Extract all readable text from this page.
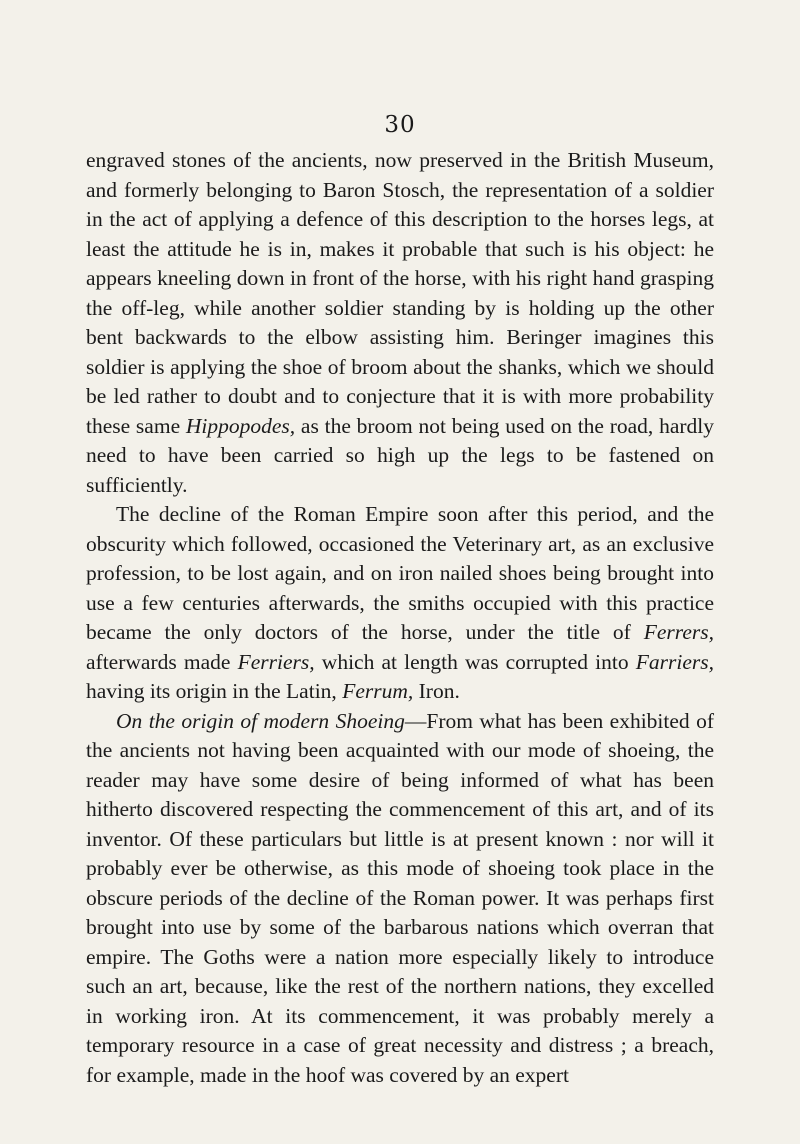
30

engraved stones of the ancients, now preserved in the British Museum, and formerly belonging to Baron Stosch, the representation of a soldier in the act of applying a defence of this description to the horses legs, at least the attitude he is in, makes it probable that such is his object: he appears kneeling down in front of the horse, with his right hand grasping the off-leg, while another soldier standing by is holding up the other bent backwards to the elbow assisting him. Beringer imagines this soldier is applying the shoe of broom about the shanks, which we should be led rather to doubt and to conjecture that it is with more probability these same Hippopodes, as the broom not being used on the road, hardly need to have been carried so high up the legs to be fastened on sufficiently.

The decline of the Roman Empire soon after this period, and the obscurity which followed, occasioned the Veterinary art, as an exclusive profession, to be lost again, and on iron nailed shoes being brought into use a few centuries afterwards, the smiths occupied with this practice became the only doctors of the horse, under the title of Ferrers, afterwards made Ferriers, which at length was corrupted into Farriers, having its origin in the Latin, Ferrum, Iron.

On the origin of modern Shoeing—From what has been exhibited of the ancients not having been acquainted with our mode of shoeing, the reader may have some desire of being informed of what has been hitherto discovered respecting the commencement of this art, and of its inventor. Of these particulars but little is at present known : nor will it probably ever be otherwise, as this mode of shoeing took place in the obscure periods of the decline of the Roman power. It was perhaps first brought into use by some of the barbarous nations which overran that empire. The Goths were a nation more especially likely to introduce such an art, because, like the rest of the northern nations, they excelled in working iron. At its commencement, it was probably merely a temporary resource in a case of great necessity and distress ; a breach, for example, made in the hoof was covered by an expert
